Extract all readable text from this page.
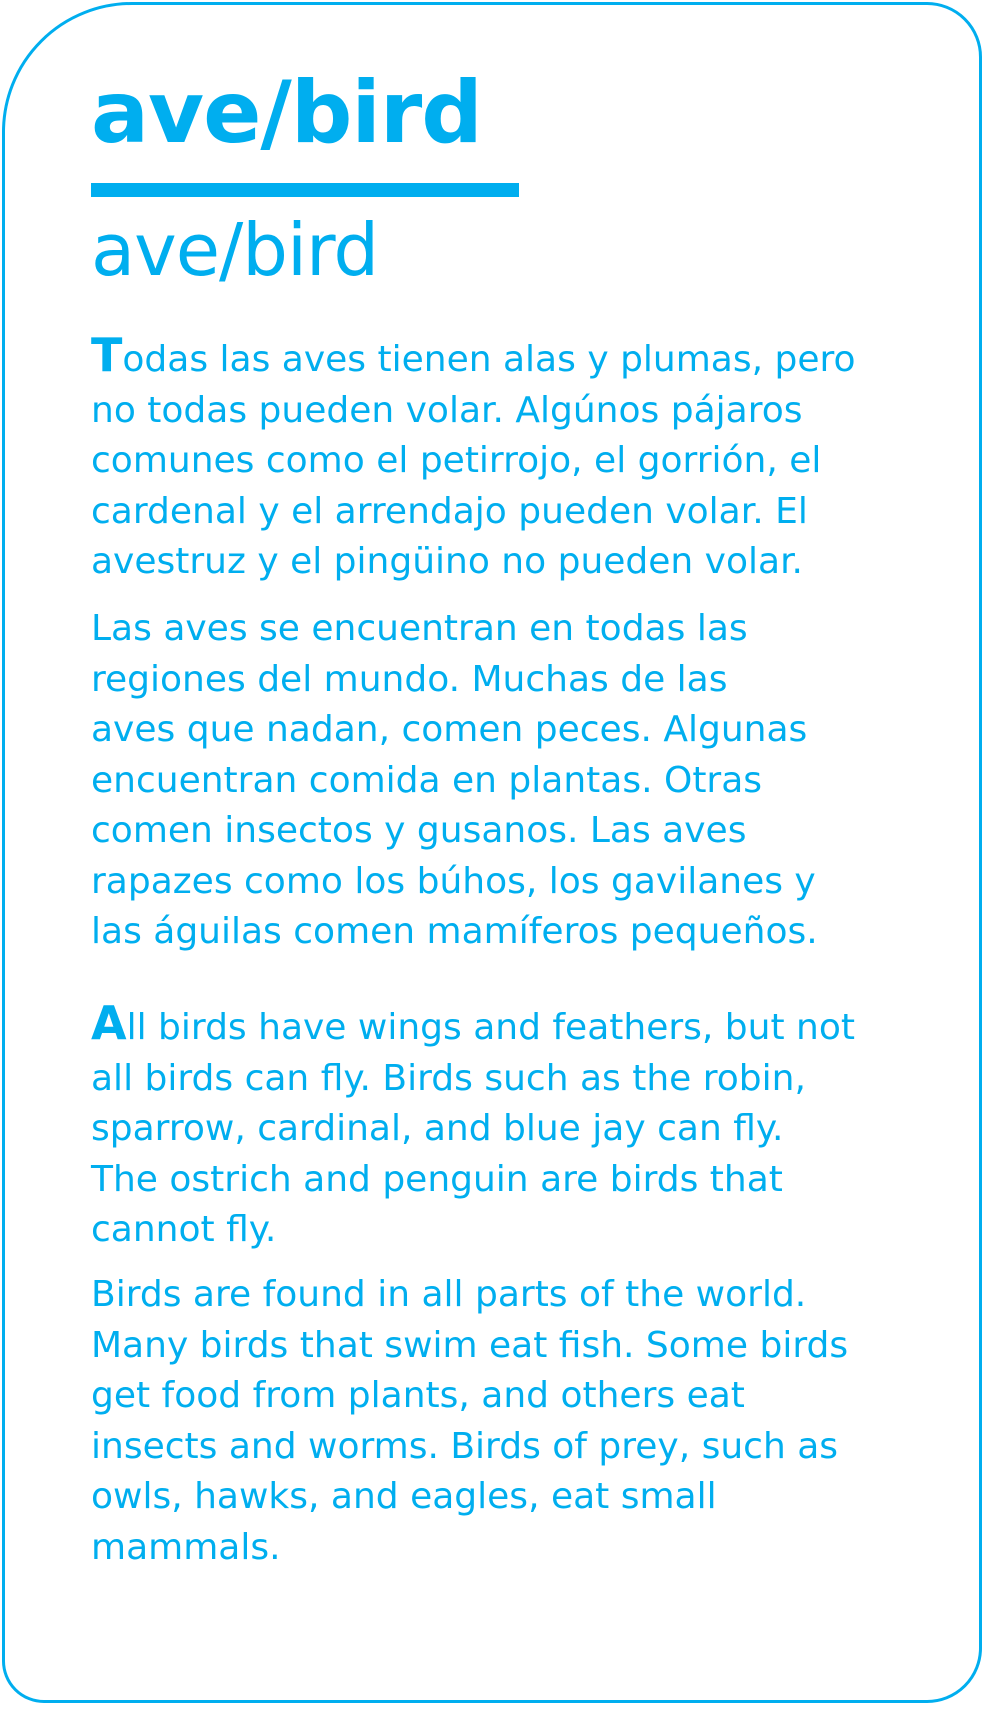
ave/bird
ave/bird

Todas las aves tienen alas y plumas, pero
no todas pueden volar. Algúnos pájaros
comunes como el petirrojo, el gorrión, el
cardenal y el arrendajo pueden volar. El
avestruz y el pingüino no pueden volar.

Las aves se encuentran en todas las
regiones del mundo. Muchas de las
aves que nadan, comen peces. Algunas
encuentran comida en plantas. Otras
comen insectos y gusanos. Las aves
rapazes como los búhos, los gavilanes y
las águilas comen mamíferos pequeños.

All birds have wings and feathers, but not
all birds can fly. Birds such as the robin,
sparrow, cardinal, and blue jay can fly.
The ostrich and penguin are birds that
cannot fly.

Birds are found in all parts of the world.
Many birds that swim eat fish. Some birds
get food from plants, and others eat
insects and worms. Birds of prey, such as
owls, hawks, and eagles, eat small
mammals.
